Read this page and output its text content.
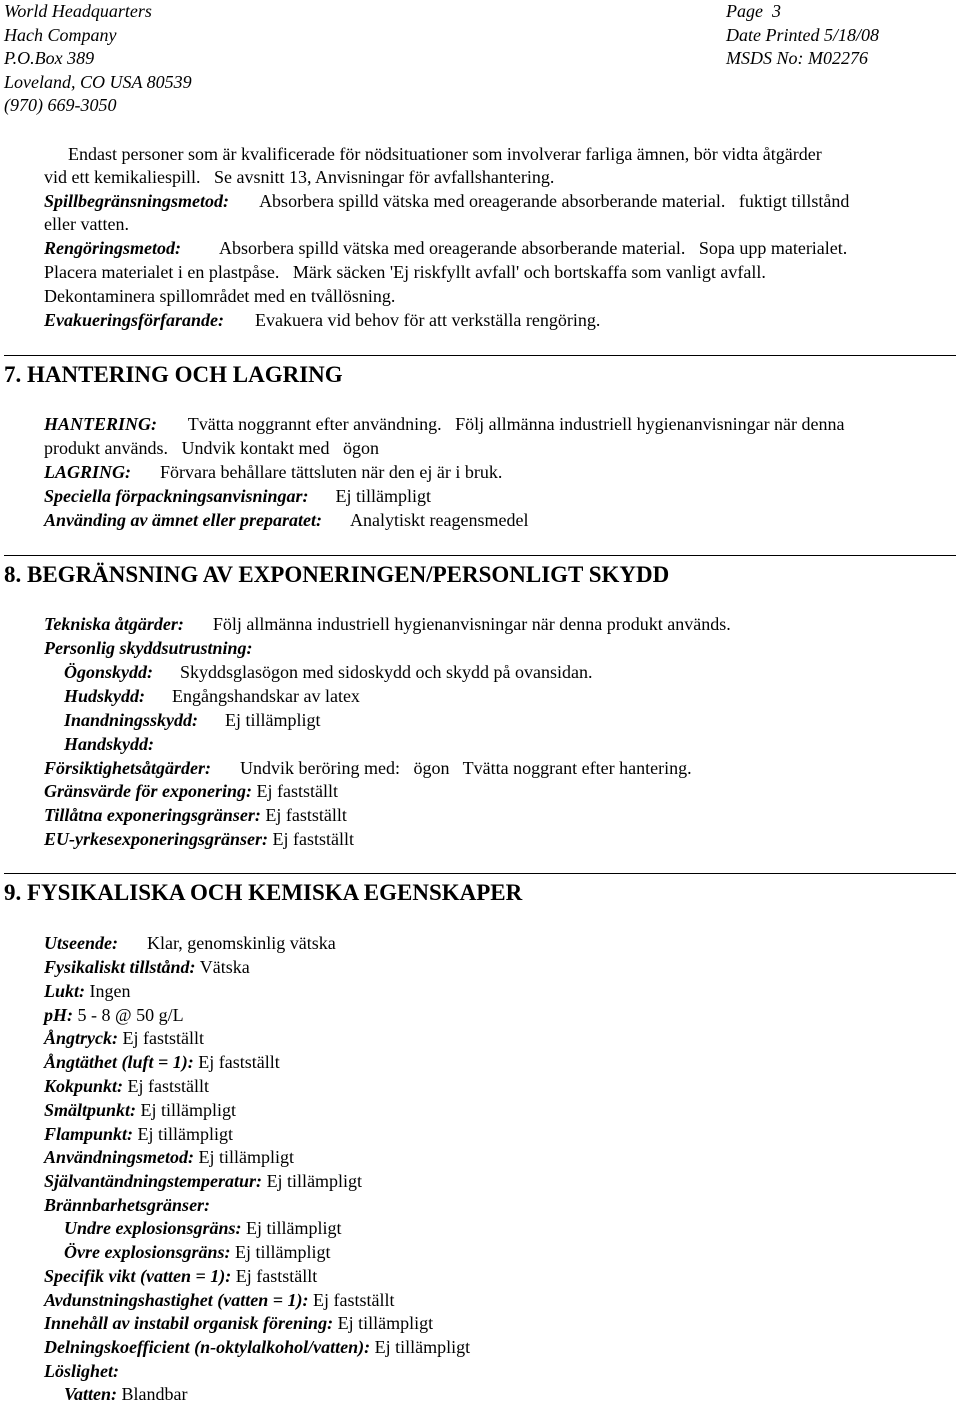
World Headquarters
Hach Company
P.O.Box 389
Loveland, CO USA 80539
(970) 669-3050
Page  3
Date Printed 5/18/08
MSDS No: M02276
Endast personer som är kvalificerade för nödsituationer som involverar farliga ämnen, bör vidta åtgärder
vid ett kemikaliespill.   Se avsnitt 13, Anvisningar för avfallshantering.
Spillbegränsningsmetod: Absorbera spilld vätska med oreagerande absorberande material.   fuktigt tillstånd
eller vatten.
Rengöringsmetod: Absorbera spilld vätska med oreagerande absorberande material.   Sopa upp materialet.
Placera materialet i en plastpåse.   Märk säcken 'Ej riskfyllt avfall' och bortskaffa som vanligt avfall.
Dekontaminera spillområdet med en tvållösning.
Evakueringsförfarande: Evakuera vid behov för att verkställa rengöring.
7. HANTERING OCH LAGRING
HANTERING: Tvätta noggrannt efter användning.   Följ allmänna industriell hygienanvisningar när denna
produkt används.   Undvik kontakt med   ögon
LAGRING: Förvara behållare tättsluten när den ej är i bruk.
Speciella förpackningsanvisningar: Ej tillämpligt
Använding av ämnet eller preparatet: Analytiskt reagensmedel
8. BEGRÄNSNING AV EXPONERINGEN/PERSONLIGT SKYDD
Tekniska åtgärder: Följ allmänna industriell hygienanvisningar när denna produkt används.
Personlig skyddsutrustning:
Ögonskydd: Skyddsglasögon med sidoskydd och skydd på ovansidan.
Hudskydd: Engångshandskar av latex
Inandningsskydd: Ej tillämpligt
Handskydd:
Försiktighetsåtgärder: Undvik beröring med:   ögon   Tvätta noggrant efter hantering.
Gränsvärde för exponering: Ej fastställt
Tillåtna exponeringsgränser: Ej fastställt
EU-yrkesexponeringsgränser: Ej fastställt
9. FYSIKALISKA OCH KEMISKA EGENSKAPER
Utseende: Klar, genomskinlig vätska
Fysikaliskt tillstånd: Vätska
Lukt: Ingen
pH: 5 - 8 @ 50 g/L
Ångtryck: Ej fastställt
Ångtäthet (luft = 1): Ej fastställt
Kokpunkt: Ej fastställt
Smältpunkt: Ej tillämpligt
Flampunkt: Ej tillämpligt
Användningsmetod: Ej tillämpligt
Självantändningstemperatur: Ej tillämpligt
Brännbarhetsgränser:
Undre explosionsgräns: Ej tillämpligt
Övre explosionsgräns: Ej tillämpligt
Specifik vikt (vatten = 1): Ej fastställt
Avdunstningshastighet (vatten = 1): Ej fastställt
Innehåll av instabil organisk förening: Ej tillämpligt
Delningskoefficient (n-oktylalkohol/vatten): Ej tillämpligt
Löslighet:
Vatten: Blandbar
